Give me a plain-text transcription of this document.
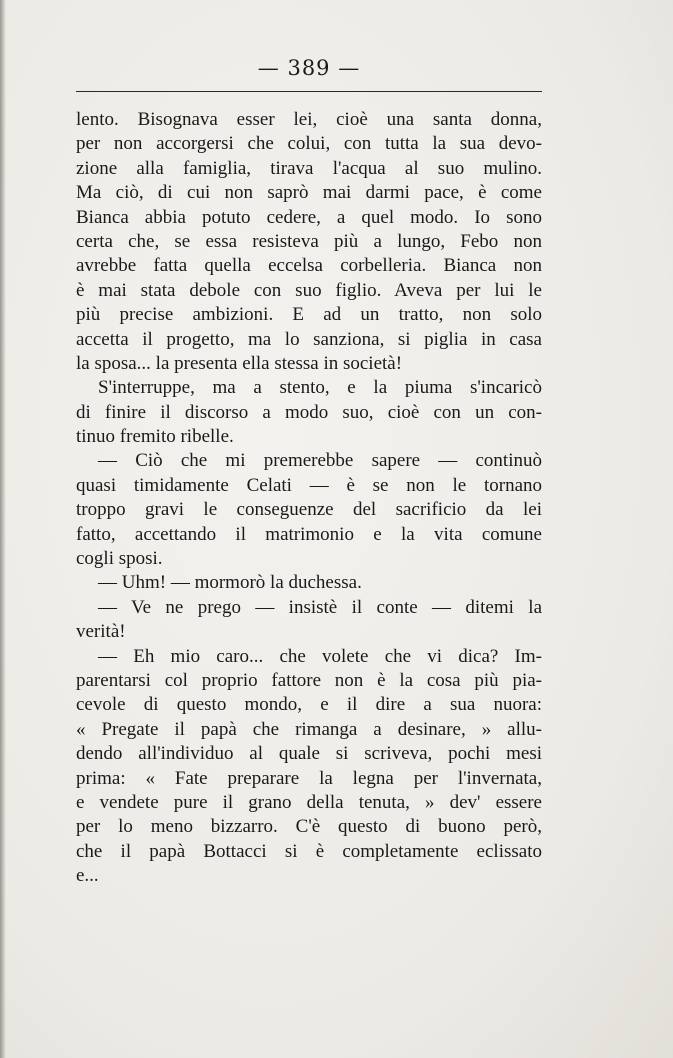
— 389 —
lento. Bisognava esser lei, cioè una santa donna,
per non accorgersi che colui, con tutta la sua devo-
zione alla famiglia, tirava l'acqua al suo mulino.
Ma ciò, di cui non saprò mai darmi pace, è come
Bianca abbia potuto cedere, a quel modo. Io sono
certa che, se essa resisteva più a lungo, Febo non
avrebbe fatta quella eccelsa corbelleria. Bianca non
è mai stata debole con suo figlio. Aveva per lui le
più precise ambizioni. E ad un tratto, non solo
accetta il progetto, ma lo sanziona, si piglia in casa
la sposa... la presenta ella stessa in società!
S'interruppe, ma a stento, e la piuma s'incaricò
di finire il discorso a modo suo, cioè con un con-
tinuo fremito ribelle.
— Ciò che mi premerebbe sapere — continuò
quasi timidamente Celati — è se non le tornano
troppo gravi le conseguenze del sacrificio da lei
fatto, accettando il matrimonio e la vita comune
cogli sposi.
— Uhm! — mormorò la duchessa.
— Ve ne prego — insistè il conte — ditemi la
verità!
— Eh mio caro... che volete che vi dica? Im-
parentarsi col proprio fattore non è la cosa più pia-
cevole di questo mondo, e il dire a sua nuora:
« Pregate il papà che rimanga a desinare, » allu-
dendo all'individuo al quale si scriveva, pochi mesi
prima: « Fate preparare la legna per l'invernata,
e vendete pure il grano della tenuta, » dev' essere
per lo meno bizzarro. C'è questo di buono però,
che il papà Bottacci si è completamente eclissato
e...
